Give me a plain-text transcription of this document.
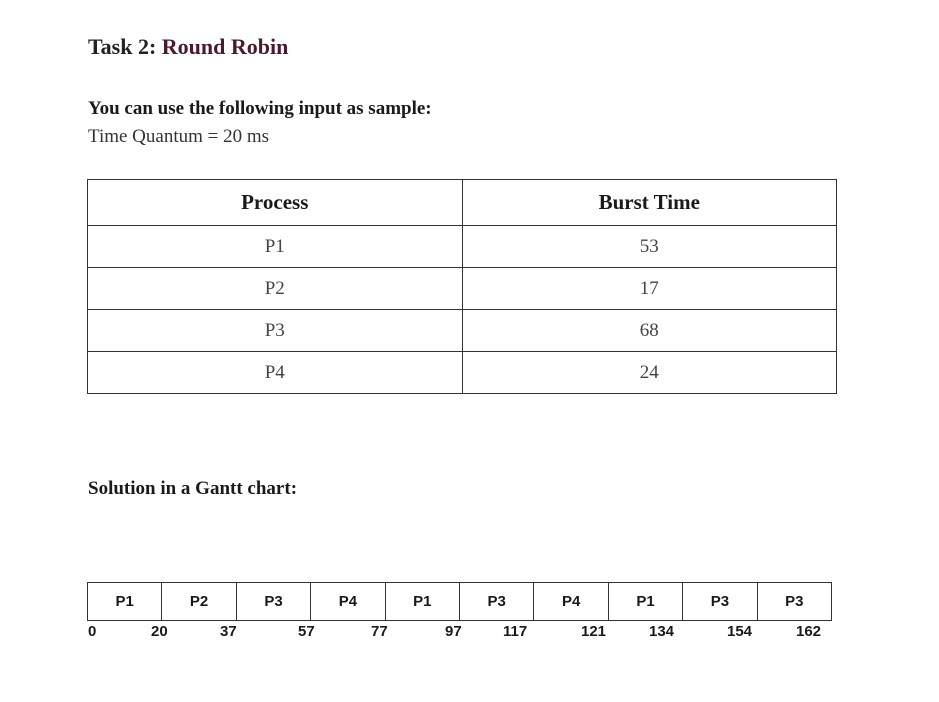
Task 2: Round Robin

You can use the following input as sample:

Time Quantum = 20 ms

Process	Burst Time
P1	53
P2	17
P3	68
P4	24

Solution in a Gantt chart:

P1	P2	P3	P4	P1	P3	P4	P1	P3	P3
0	20	37	57	77	97	117	121	134	154	162
